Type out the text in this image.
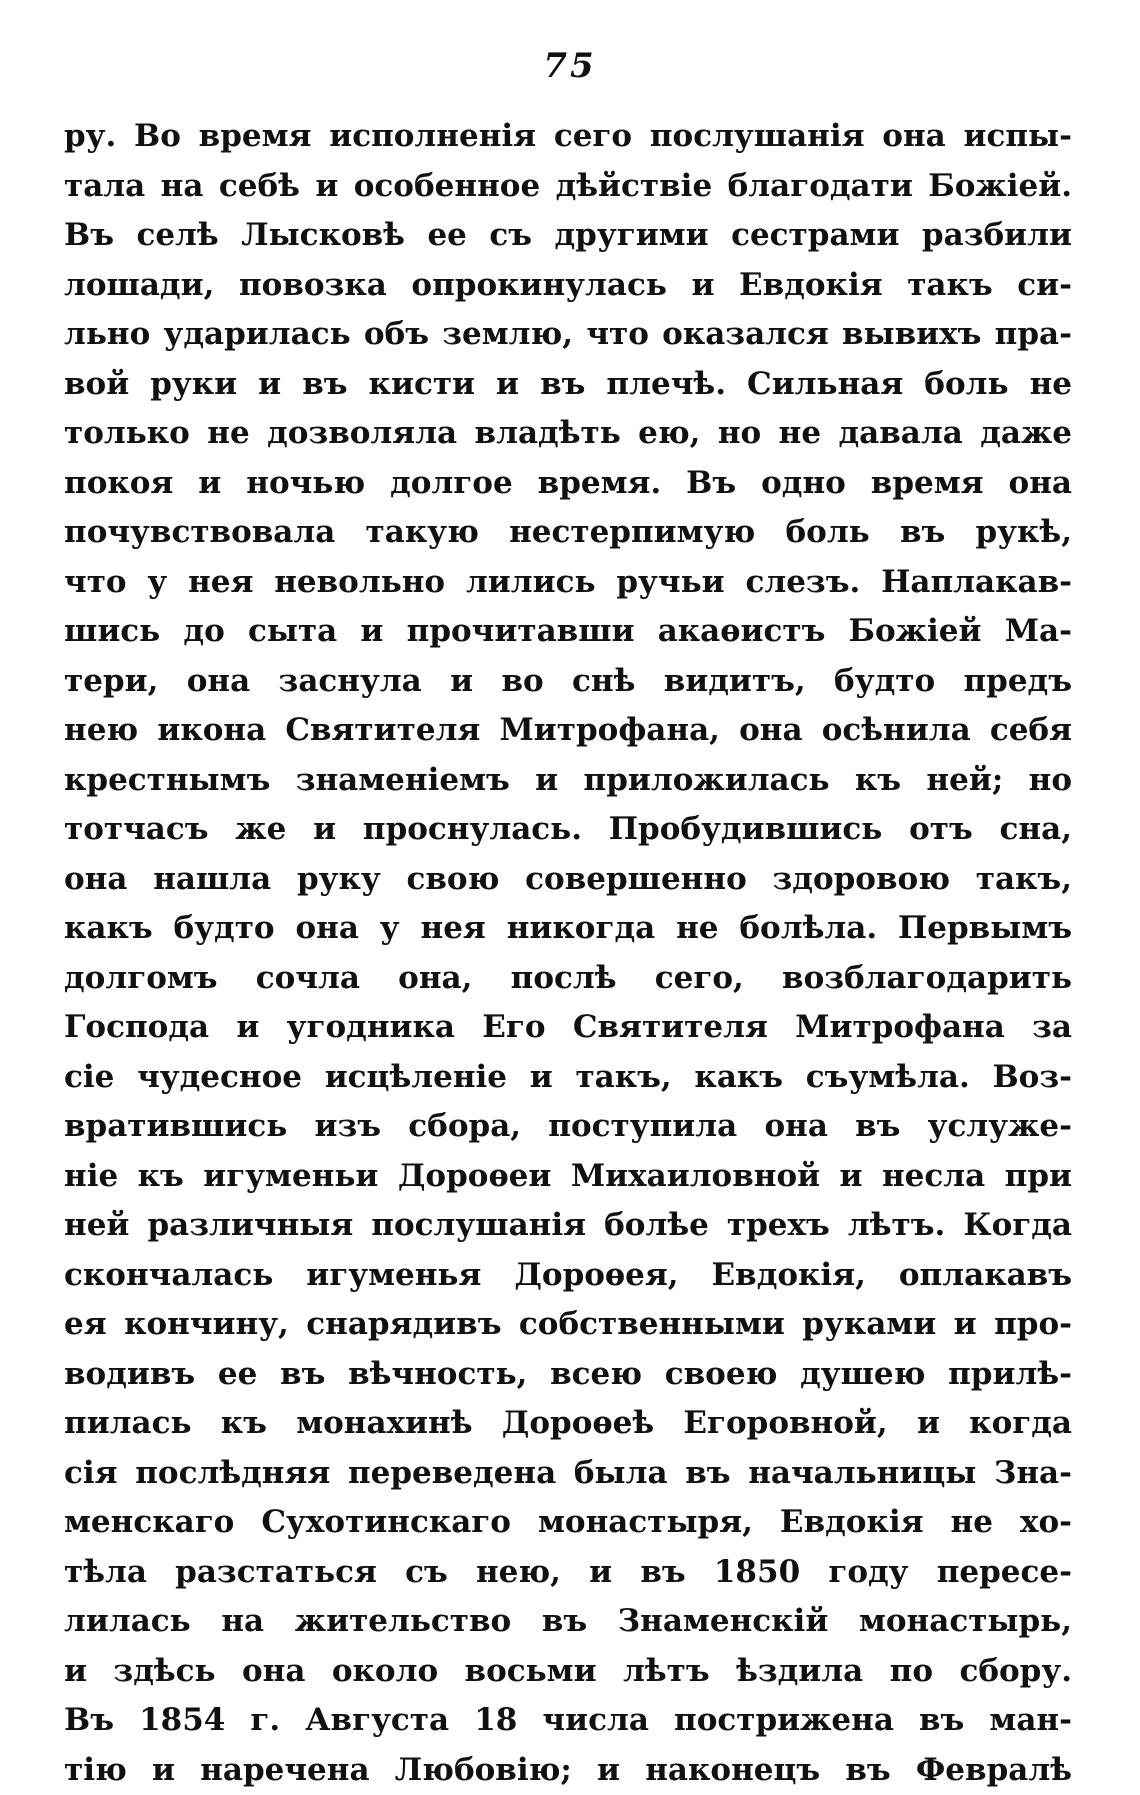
75
ру. Во время исполненія сего послушанія она испы-
тала на себѣ и особенное дѣйствіе благодати Божіей.
Въ селѣ Лысковѣ ее съ другими сестрами разбили
лошади, повозка опрокинулась и Евдокія такъ си-
льно ударилась объ землю, что оказался вывихъ пра-
вой руки и въ кисти и въ плечѣ. Сильная боль не
только не дозволяла владѣть ею, но не давала даже
покоя и ночью долгое время. Въ одно время она
почувствовала такую нестерпимую боль въ рукѣ,
что у нея невольно лились ручьи слезъ. Наплакав-
шись до сыта и прочитавши акаѳистъ Божіей Ма-
тери, она заснула и во снѣ видитъ, будто предъ
нею икона Святителя Митрофана, она осѣнила себя
крестнымъ знаменіемъ и приложилась къ ней; но
тотчасъ же и проснулась. Пробудившись отъ сна,
она нашла руку свою совершенно здоровою такъ,
какъ будто она у нея никогда не болѣла. Первымъ
долгомъ сочла она, послѣ сего, возблагодарить
Господа и угодника Его Святителя Митрофана за
сіе чудесное исцѣленіе и такъ, какъ съумѣла. Воз-
вратившись изъ сбора, поступила она въ услуже-
ніе къ игуменьи Дороѳеи Михаиловной и несла при
ней различныя послушанія болѣе трехъ лѣтъ. Когда
скончалась игуменья Дороѳея, Евдокія, оплакавъ
ея кончину, снарядивъ собственными руками и про-
водивъ ее въ вѣчность, всею своею душею прилѣ-
пилась къ монахинѣ Дороѳеѣ Егоровной, и когда
сія послѣдняя переведена была въ начальницы Зна-
менскаго Сухотинскаго монастыря, Евдокія не хо-
тѣла разстаться съ нею, и въ 1850 году пересе-
лилась на жительство въ Знаменскій монастырь,
и здѣсь она около восьми лѣтъ ѣздила по сбору.
Въ 1854 г. Августа 18 числа пострижена въ ман-
тію и наречена Любовію; и наконецъ въ Февралѣ
